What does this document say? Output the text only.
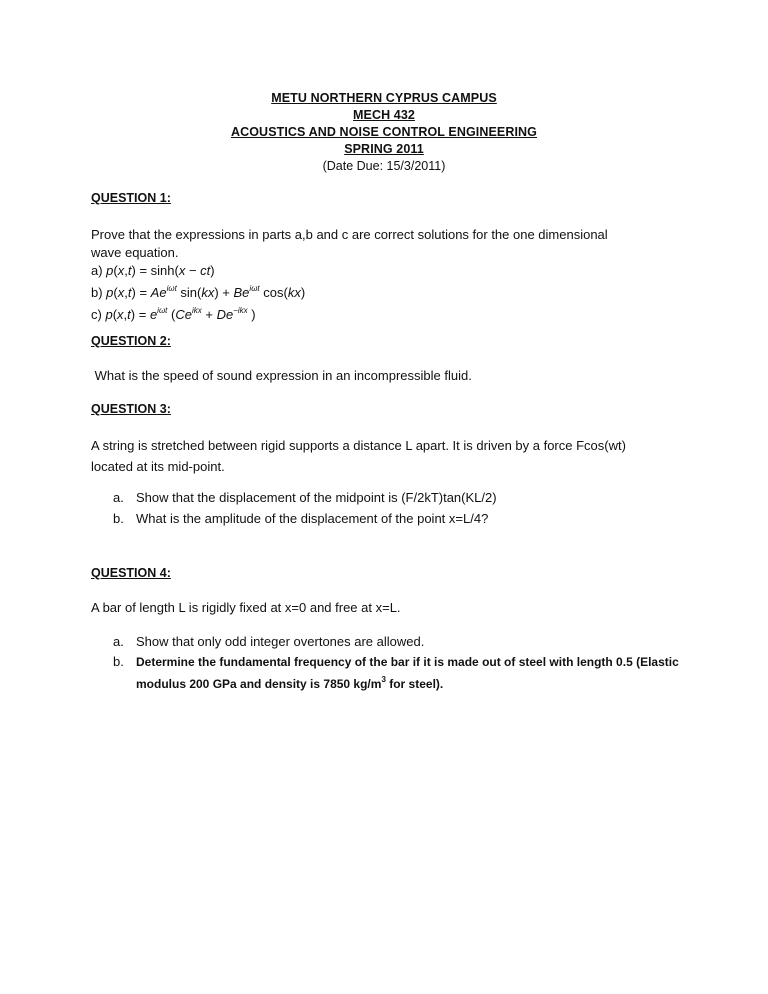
METU NORTHERN CYPRUS CAMPUS
MECH 432
ACOUSTICS AND NOISE CONTROL ENGINEERING
SPRING 2011
(Date Due: 15/3/2011)
QUESTION 1:
Prove that the expressions in parts a,b and c are correct solutions for the one dimensional
wave equation.
a) p(x,t) = sinh(x − ct)
b) $p(x,t) = Ae^{i\omega t}$ $\sin(kx) + Be^{i\omega t}$ cos(kx)
c) $p(x,t) = e^{i\omega t}$ ($Ce^{ikx} + De^{-ikx}$ )
QUESTION 2:
What is the speed of sound expression in an incompressible fluid.
QUESTION 3:
A string is stretched between rigid supports a distance L apart. It is driven by a force Fcos(wt)
located at its mid-point.
a. Show that the displacement of the midpoint is (F/2kT)tan(KL/2)
b. What is the amplitude of the displacement of the point x=L/4?
QUESTION 4:
A bar of length L is rigidly fixed at x=0 and free at x=L.
a. Show that only odd integer overtones are allowed.
b.	Determine the fundamental frequency of the bar if it is made out of steel with length 0.5 (Elastic
modulus 200 GPa and density is 7850 $kg/m^3$ for steel).
